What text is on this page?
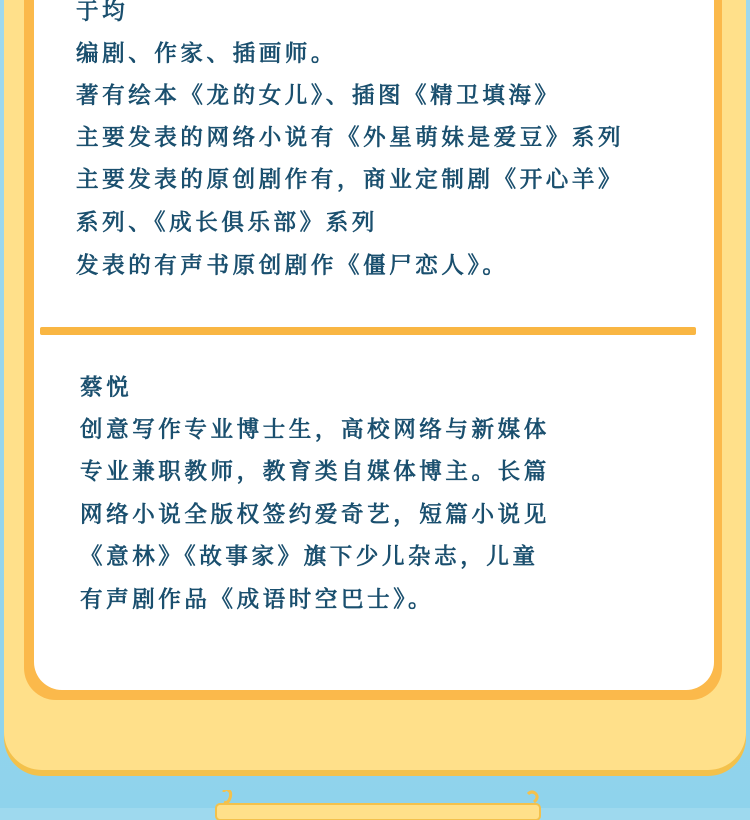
于均
编剧、作家、插画师。
著有绘本《龙的女儿》、插图《精卫填海》
主要发表的网络小说有《外星萌妹是爱豆》系列
主要发表的原创剧作有，商业定制剧《开心羊》
系列、《成长俱乐部》系列
发表的有声书原创剧作《僵尸恋人》。
蔡悦
创意写作专业博士生，高校网络与新媒体
专业兼职教师，教育类自媒体博主。长篇
网络小说全版权签约爱奇艺，短篇小说见
《意林》《故事家》旗下少儿杂志，儿童
有声剧作品《成语时空巴士》。
